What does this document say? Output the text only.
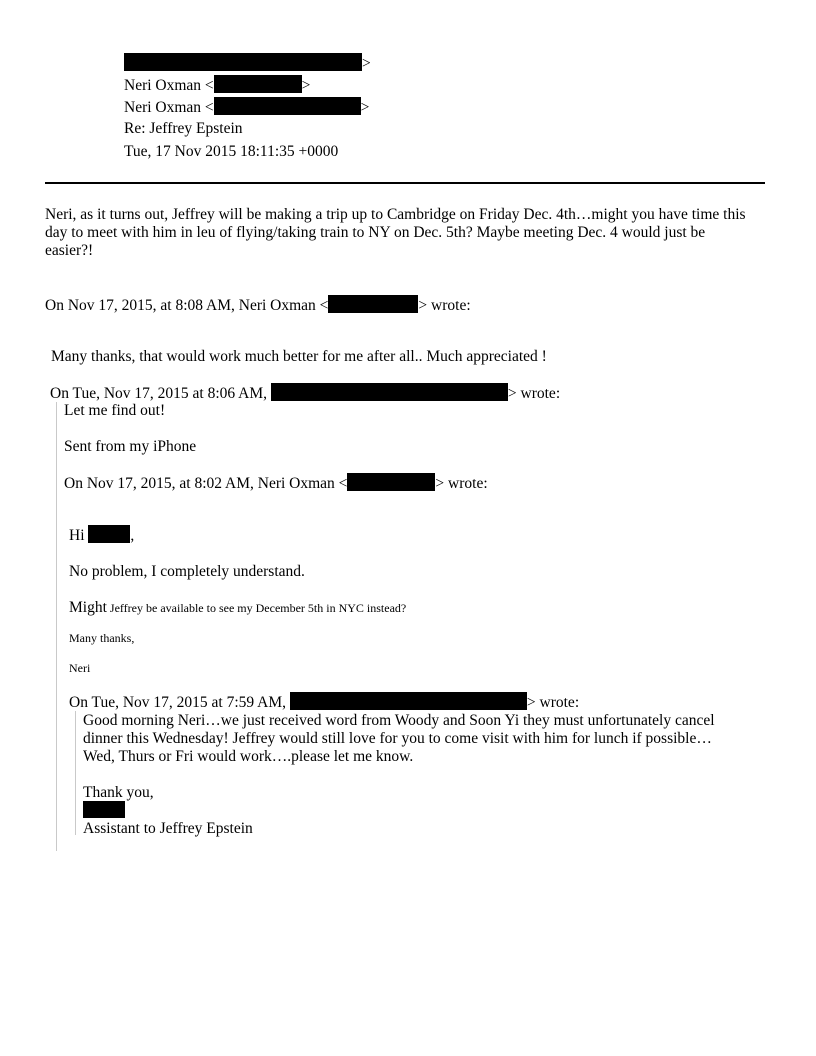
>
Neri Oxman <	>
Neri Oxman <	>
Re: Jeffrey Epstein
Tue, 17 Nov 2015 18:11:35 +0000
Neri, as it turns out, Jeffrey will be making a trip up to Cambridge on Friday Dec. 4th…might you have time this
day to meet with him in leu of flying/taking train to NY on Dec. 5th? Maybe meeting Dec. 4 would just be
easier?!
On Nov 17, 2015, at 8:08 AM, Neri Oxman <	> wrote:
Many thanks, that would work much better for me after all.. Much appreciated !
On Tue, Nov 17, 2015 at 8:06 AM,	> wrote:
Let me find out!
Sent from my iPhone
On Nov 17, 2015, at 8:02 AM, Neri Oxman <	> wrote:
Hi	,
No problem, I completely understand.
Might Jeffrey be available to see my December 5th in NYC instead?
Many thanks,
Neri
On Tue, Nov 17, 2015 at 7:59 AM,	> wrote:
Good morning Neri…we just received word from Woody and Soon Yi they must unfortunately cancel
dinner this Wednesday! Jeffrey would still love for you to come visit with him for lunch if possible…
Wed, Thurs or Fri would work….please let me know.
Thank you,
Assistant to Jeffrey Epstein
